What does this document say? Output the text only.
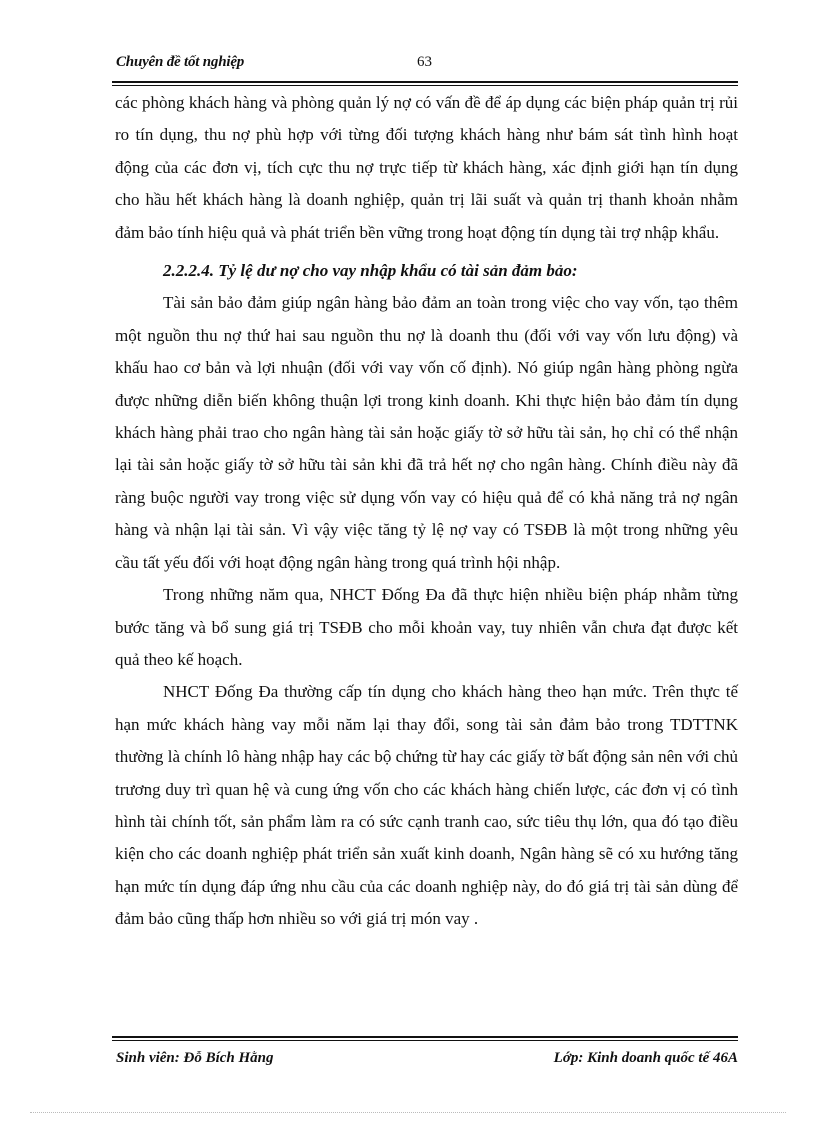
Chuyên đề tốt nghiệp	63

các phòng khách hàng và phòng quản lý nợ có vấn đề để áp dụng các biện pháp quản trị rủi ro tín dụng, thu nợ phù hợp với từng đối tượng khách hàng như bám sát tình hình hoạt động của các đơn vị, tích cực thu nợ trực tiếp từ khách hàng, xác định giới hạn tín dụng cho hầu hết khách hàng là doanh nghiệp, quản trị lãi suất và quản trị thanh khoản nhằm đảm bảo tính hiệu quả và phát triển bền vững trong hoạt động tín dụng tài trợ nhập khẩu.

2.2.2.4. Tỷ lệ dư nợ cho vay nhập khẩu có tài sản đảm bảo:

Tài sản bảo đảm giúp ngân hàng bảo đảm an toàn trong việc cho vay vốn, tạo thêm một nguồn thu nợ thứ hai sau nguồn thu nợ là doanh thu (đối với vay vốn lưu động) và khấu hao cơ bản và lợi nhuận (đối với vay vốn cố định). Nó giúp ngân hàng phòng ngừa được những diễn biến không thuận lợi trong kinh doanh. Khi thực hiện bảo đảm tín dụng khách hàng phải trao cho ngân hàng tài sản hoặc giấy tờ sở hữu tài sản, họ chỉ có thể nhận lại tài sản hoặc giấy tờ sở hữu tài sản khi đã trả hết nợ cho ngân hàng. Chính điều này đã ràng buộc người vay trong việc sử dụng vốn vay có hiệu quả để có khả năng trả nợ ngân hàng và nhận lại tài sản. Vì vậy việc tăng tỷ lệ nợ vay có TSĐB là một trong những yêu cầu tất yếu đối với hoạt động ngân hàng trong quá trình hội nhập.

Trong những năm qua, NHCT Đống Đa đã thực hiện nhiều biện pháp nhằm từng bước tăng và bổ sung giá trị TSĐB cho mỗi khoản vay, tuy nhiên vẫn chưa đạt được kết quả theo kế hoạch.

NHCT Đống Đa thường cấp tín dụng cho khách hàng theo hạn mức. Trên thực tế hạn mức khách hàng vay mỗi năm lại thay đổi, song tài sản đảm bảo trong TDTTNK thường là chính lô hàng nhập hay các bộ chứng từ hay các giấy tờ bất động sản nên với chủ trương duy trì quan hệ và cung ứng vốn cho các khách hàng chiến lược, các đơn vị có tình hình tài chính tốt, sản phẩm làm ra có sức cạnh tranh cao, sức tiêu thụ lớn, qua đó tạo điều kiện cho các doanh nghiệp phát triển sản xuất kinh doanh, Ngân hàng sẽ có xu hướng tăng hạn mức tín dụng đáp ứng nhu cầu của các doanh nghiệp này, do đó giá trị tài sản dùng để đảm bảo cũng thấp hơn nhiều so với giá trị món vay .

Sinh viên: Đỗ Bích Hằng	Lớp: Kinh doanh quốc tế 46A
